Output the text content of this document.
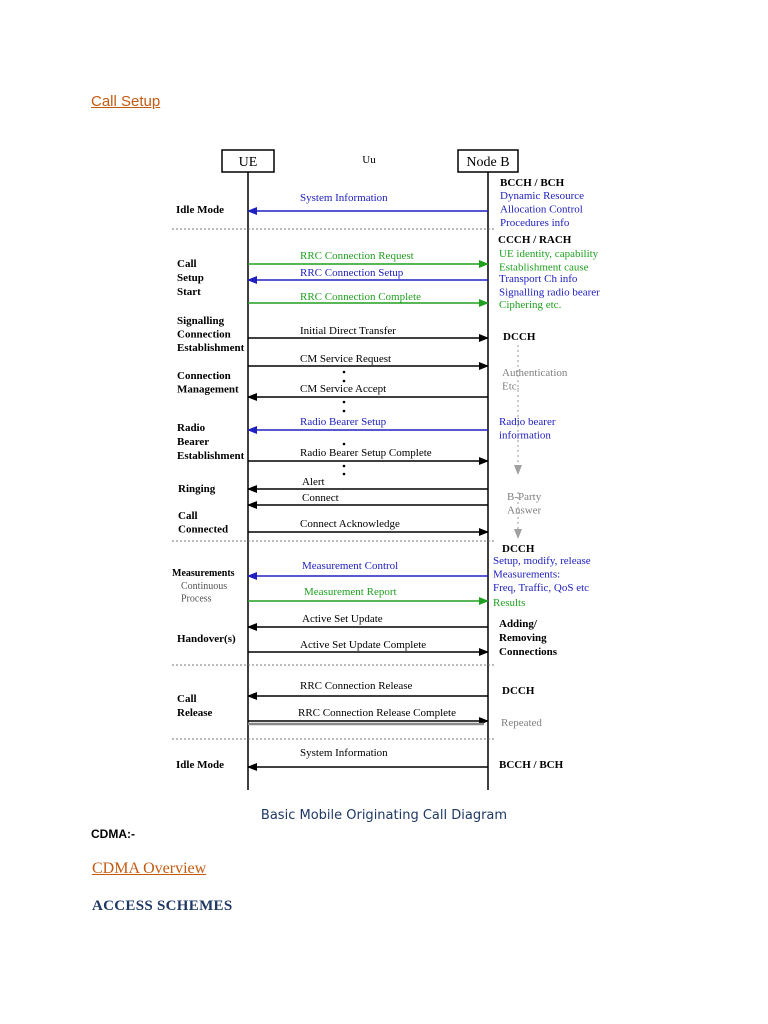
Call Setup
UE	Uu	Node B
System Information
RRC Connection Request
RRC Connection Setup
RRC Connection Complete
Initial Direct Transfer
CM Service Request
CM Service Accept
Radio Bearer Setup
Radio Bearer Setup Complete
Alert
Connect
Connect Acknowledge
Measurement Control
Measurement Report
Active Set Update
Active Set Update Complete
RRC Connection Release
RRC Connection Release Complete
System Information
Idle Mode
Call Setup Start
Signalling Connection Establishment
Connection Management
Radio Bearer Establishment
Ringing
Call Connected
Measurements
Continuous Process
Handover(s)
Call Release
Idle Mode
BCCH / BCH
Dynamic Resource Allocation Control Procedures info
CCCH / RACH
UE identity, capability Establishment cause
Transport Ch info Signalling radio bearer
Ciphering etc.
DCCH
Authentication Etc.
Radio bearer information
B-Party Answer
DCCH
Setup, modify, release Measurements: Freq, Traffic, QoS etc
Results
Adding/ Removing Connections
DCCH
Repeated
BCCH / BCH
Basic Mobile Originating Call Diagram
CDMA:-
CDMA Overview
ACCESS SCHEMES
